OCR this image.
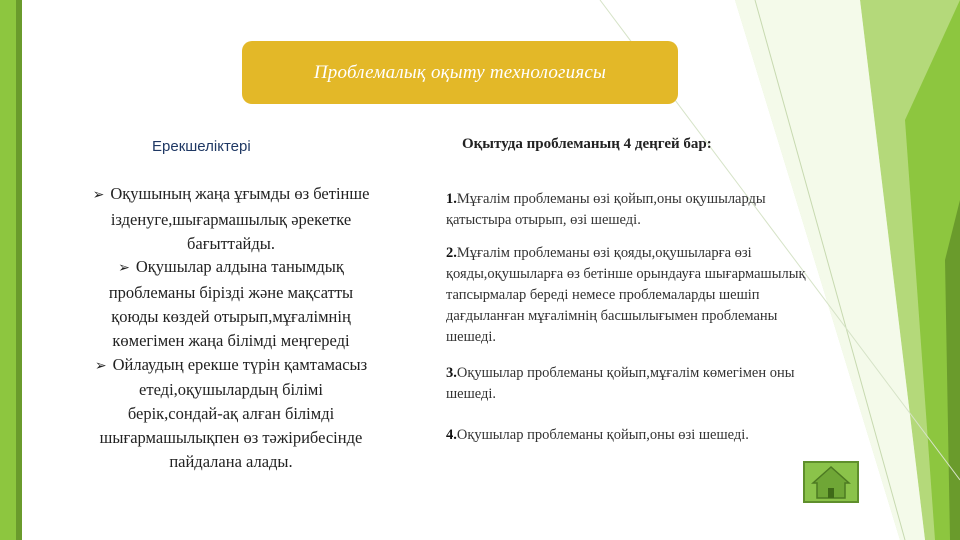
Проблемалық оқыту технологиясы
Ерекшеліктері

➢ Оқушының жаңа ұғымды өз бетінше

ізденуге,шығармашылық әрекетке

бағыттайды.

➢ Оқушылар алдына танымдық

проблеманы бірізді және мақсатты

қоюды көздей отырып,мұғалімнің

көмегімен жаңа білімді меңгереді

➢ Ойлаудың ерекше түрін қамтамасыз

етеді,оқушылардың білімі

берік,сондай-ақ алған білімді

шығармашылықпен өз тәжірибесінде

пайдалана алады.

Оқытуда проблеманың 4 деңгей бар:
1.Мұғалім проблеманы өзі қойып,оны оқушыларды
қатыстыра отырып, өзі шешеді.
2.Мұғалім проблеманы өзі қояды,оқушыларға өзі
қояды,оқушыларға өз бетінше орындауға шығармашылық
тапсырмалар береді немесе проблемаларды шешіп
дағдыланған мұғалімнің басшылығымен проблеманы
шешеді.
3.Оқушылар проблеманы қойып,мұғалім көмегімен оны
шешеді.
4.Оқушылар проблеманы қойып,оны өзі шешеді.
